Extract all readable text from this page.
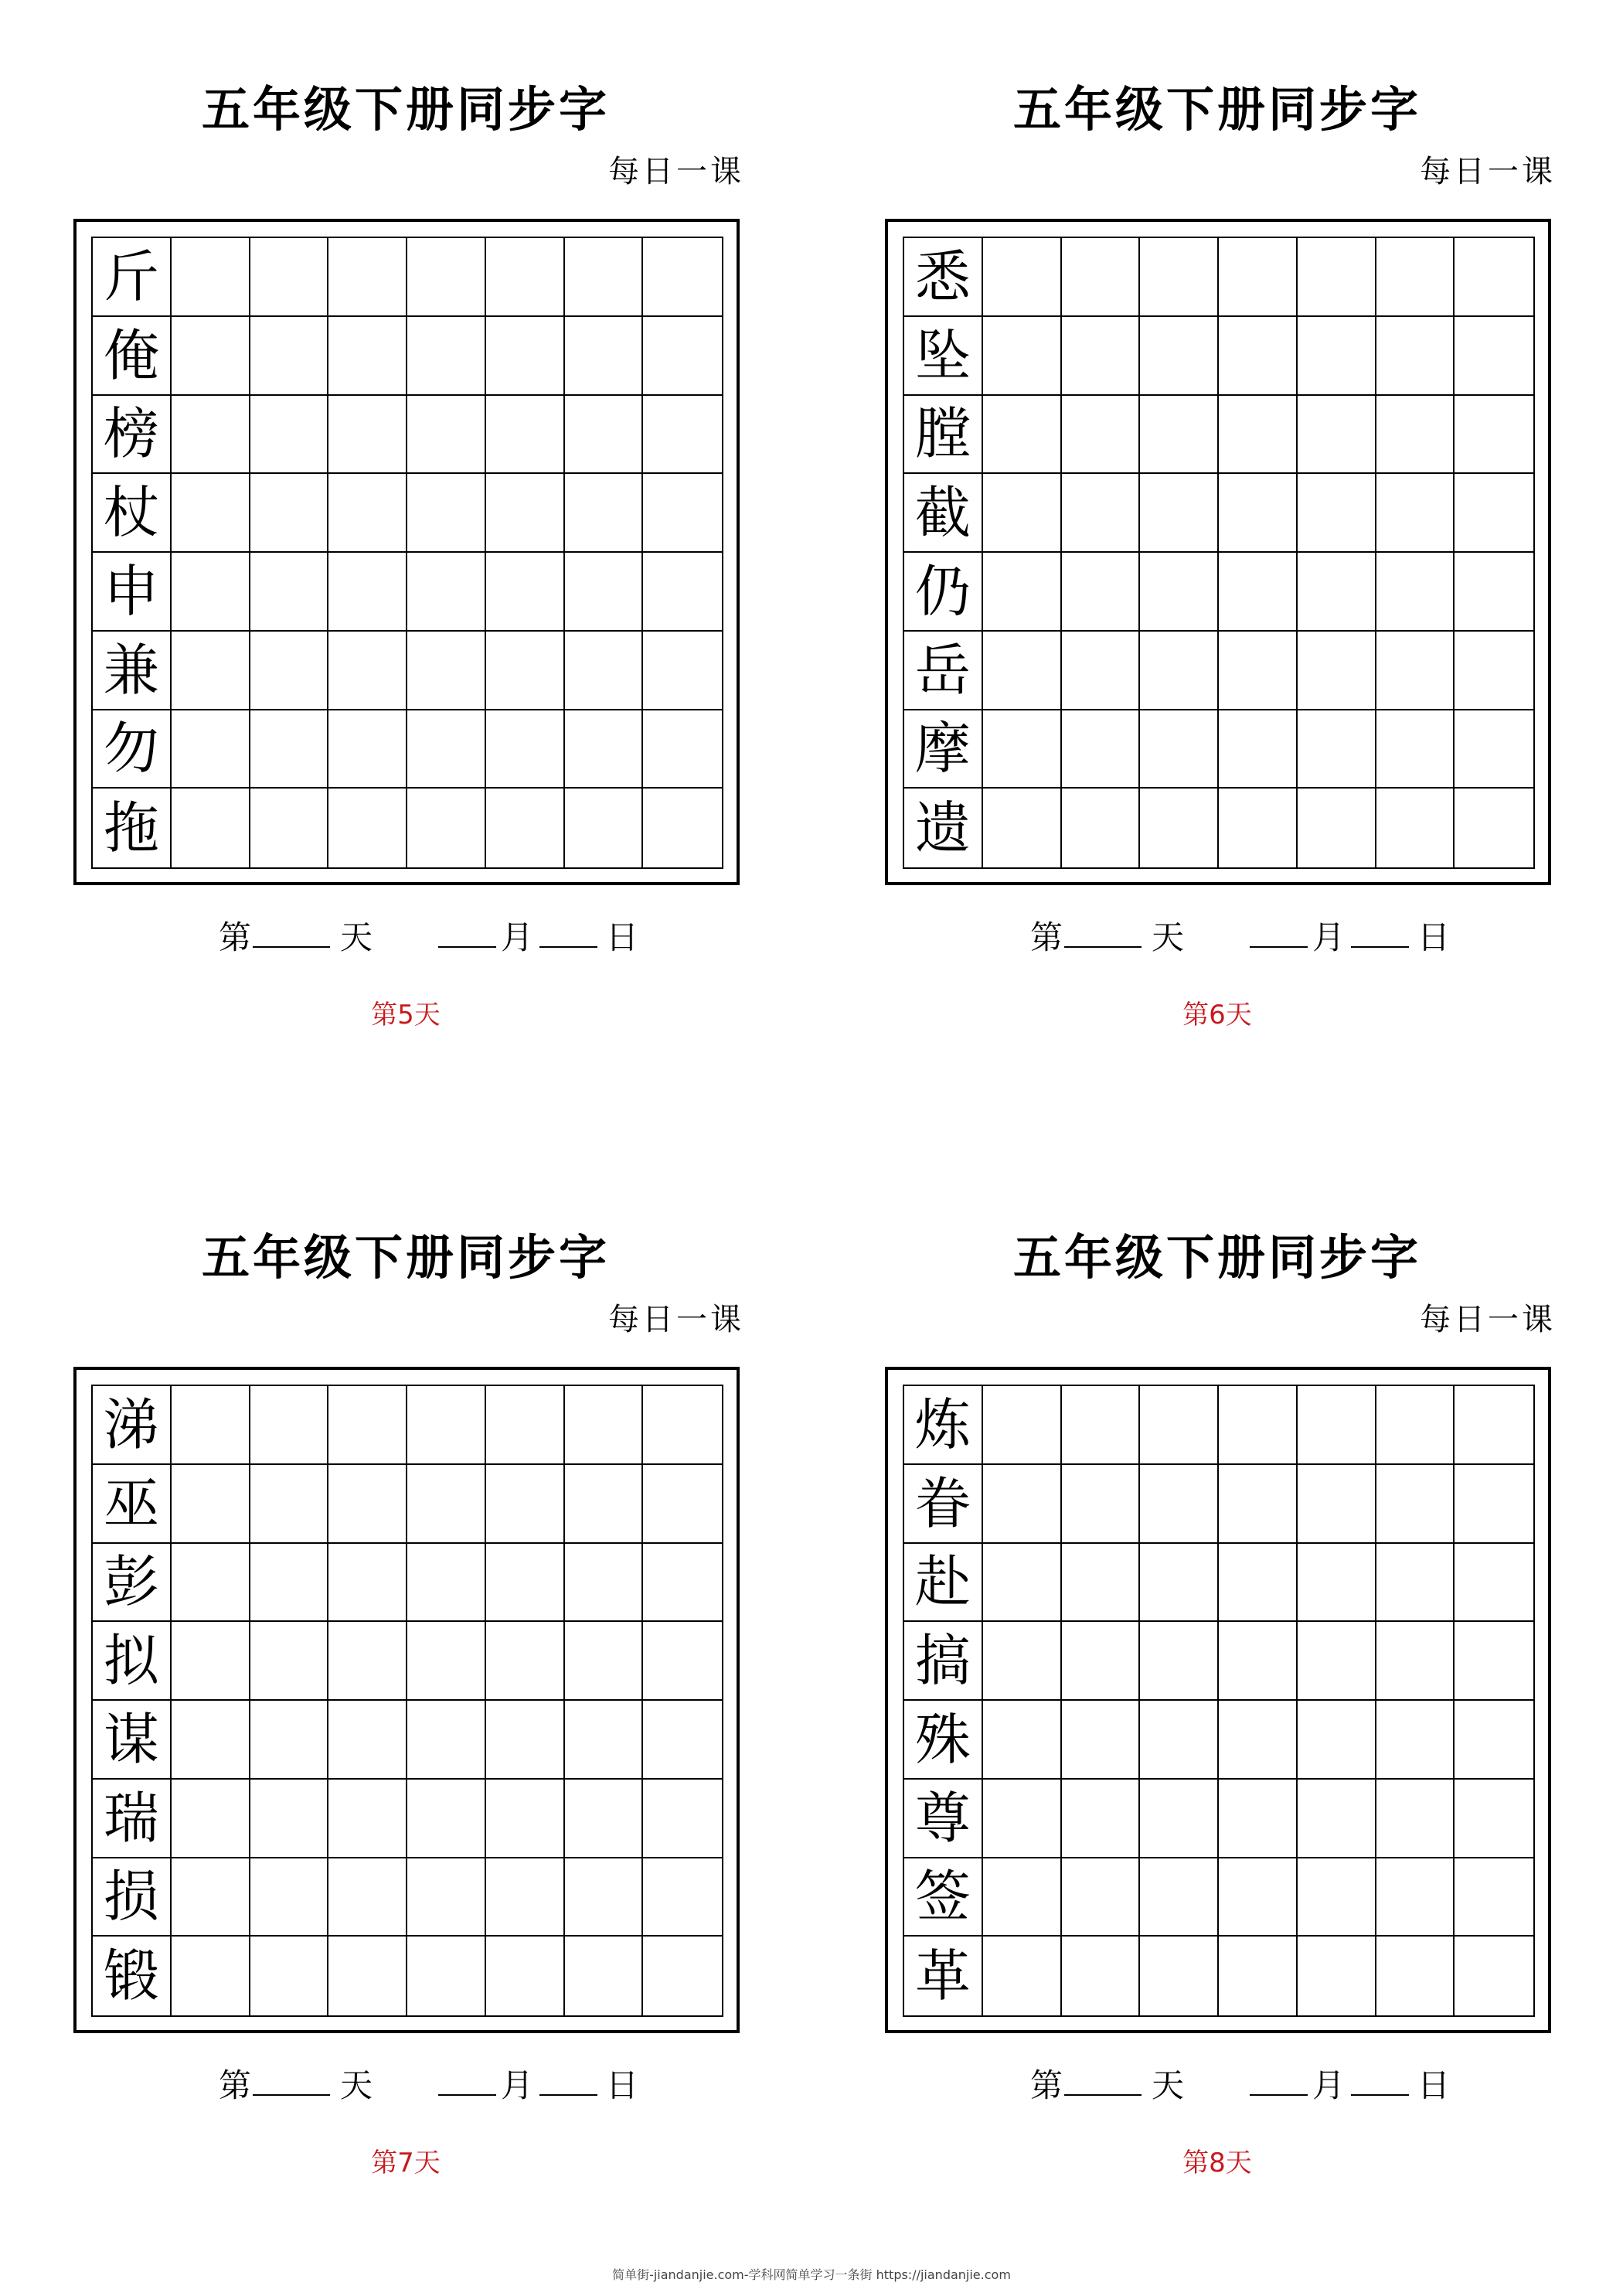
五年级下册同步字
每日一课
斤
俺
榜
杖
申
兼
勿
拖
第	天	月 日
第5天
五年级下册同步字
每日一课
悉
坠
膛
截
仍
岳
摩
遗
第	天	月 日
第6天
五年级下册同步字
每日一课
涕
巫
彭
拟
谋
瑞
损
锻
第	天	月 日
第7天
五年级下册同步字
每日一课
炼
眷
赴
搞
殊
尊
签
革
第	天	月 日
第8天
简单街-jiandanjie.com-学科网简单学习一条街 https://jiandanjie.com
